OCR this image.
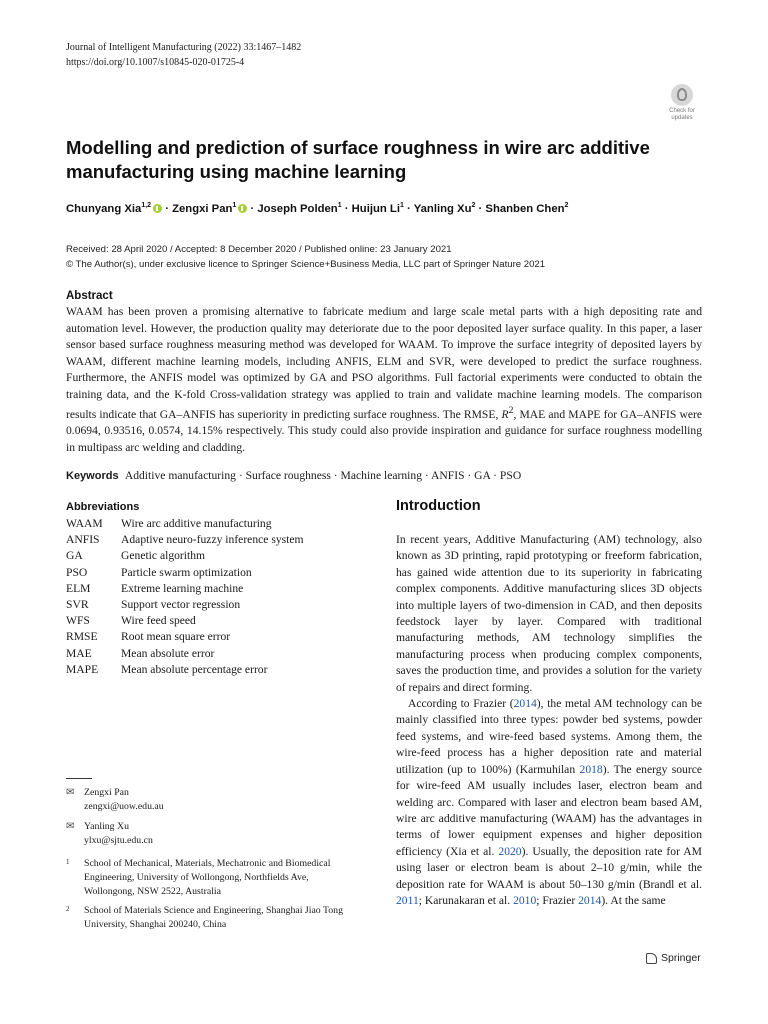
Journal of Intelligent Manufacturing (2022) 33:1467–1482
https://doi.org/10.1007/s10845-020-01725-4
Check for
updates
Modelling and prediction of surface roughness in wire arc additive manufacturing using machine learning
Chunyang Xia$^{1,2}$ · Zengxi Pan$^1$ · Joseph Polden$^1$ · Huijun $Li^1$ · Yanling $Xu^2$ · Shanben Chen$^2$
Received: 28 April 2020 / Accepted: 8 December 2020 / Published online: 23 January 2021
© The Author(s), under exclusive licence to Springer Science+Business Media, LLC part of Springer Nature 2021
Abstract
WAAM has been proven a promising alternative to fabricate medium and large scale metal parts with a high depositing rate and automation level. However, the production quality may deteriorate due to the poor deposited layer surface quality. In this paper, a laser sensor based surface roughness measuring method was developed for WAAM. To improve the surface integrity of deposited layers by WAAM, different machine learning models, including ANFIS, ELM and SVR, were developed to predict the surface roughness. Furthermore, the ANFIS model was optimized by GA and PSO algorithms. Full factorial experiments were conducted to obtain the training data, and the K-fold Cross-validation strategy was applied to train and validate machine learning models. The comparison results indicate that GA–ANFIS has superiority in predicting surface roughness. The RMSE, $R^2$, MAE and MAPE for GA–ANFIS were 0.0694, 0.93516, 0.0574, 14.15% respectively. This study could also provide inspiration and guidance for surface roughness modelling in multipass arc welding and cladding.
Keywords Additive manufacturing · Surface roughness · Machine learning · ANFIS · GA · PSO
Abbreviations
WAAM	Wire arc additive manufacturing
ANFIS	Adaptive neuro-fuzzy inference system
GA	Genetic algorithm
PSO	Particle swarm optimization
ELM	Extreme learning machine
SVR	Support vector regression
WFS	Wire feed speed
RMSE	Root mean square error
MAE	Mean absolute error
MAPE	Mean absolute percentage error
✉ Zengxi Pan
zengxi@uow.edu.au
✉ Yanling Xu
ylxu@sjtu.edu.cn
1	School of Mechanical, Materials, Mechatronic and Biomedical Engineering, University of Wollongong, Northfields Ave, Wollongong, NSW 2522, Australia
2	School of Materials Science and Engineering, Shanghai Jiao Tong University, Shanghai 200240, China
Introduction

In recent years, Additive Manufacturing (AM) technology, also known as 3D printing, rapid prototyping or freeform fabrication, has gained wide attention due to its superiority in fabricating complex components. Additive manufacturing slices 3D objects into multiple layers of two-dimension in CAD, and then deposits feedstock layer by layer. Compared with traditional manufacturing methods, AM technology simplifies the manufacturing process when producing complex components, saves the production time, and provides a solution for the variety of repairs and direct forming.

According to Frazier (2014), the metal AM technology can be mainly classified into three types: powder bed systems, powder feed systems, and wire-feed based systems. Among them, the wire-feed process has a higher deposition rate and material utilization (up to 100%) (Karmuhilan 2018). The energy source for wire-feed AM usually includes laser, electron beam and welding arc. Compared with laser and electron beam based AM, wire arc additive manufacturing (WAAM) has the advantages in terms of lower equipment expenses and higher deposition efficiency (Xia et al. 2020). Usually, the deposition rate for AM using laser or electron beam is about 2–10 g/min, while the deposition rate for WAAM is about 50–130 g/min (Brandl et al. 2011; Karunakaran et al. 2010; Frazier 2014). At the same

Springer
